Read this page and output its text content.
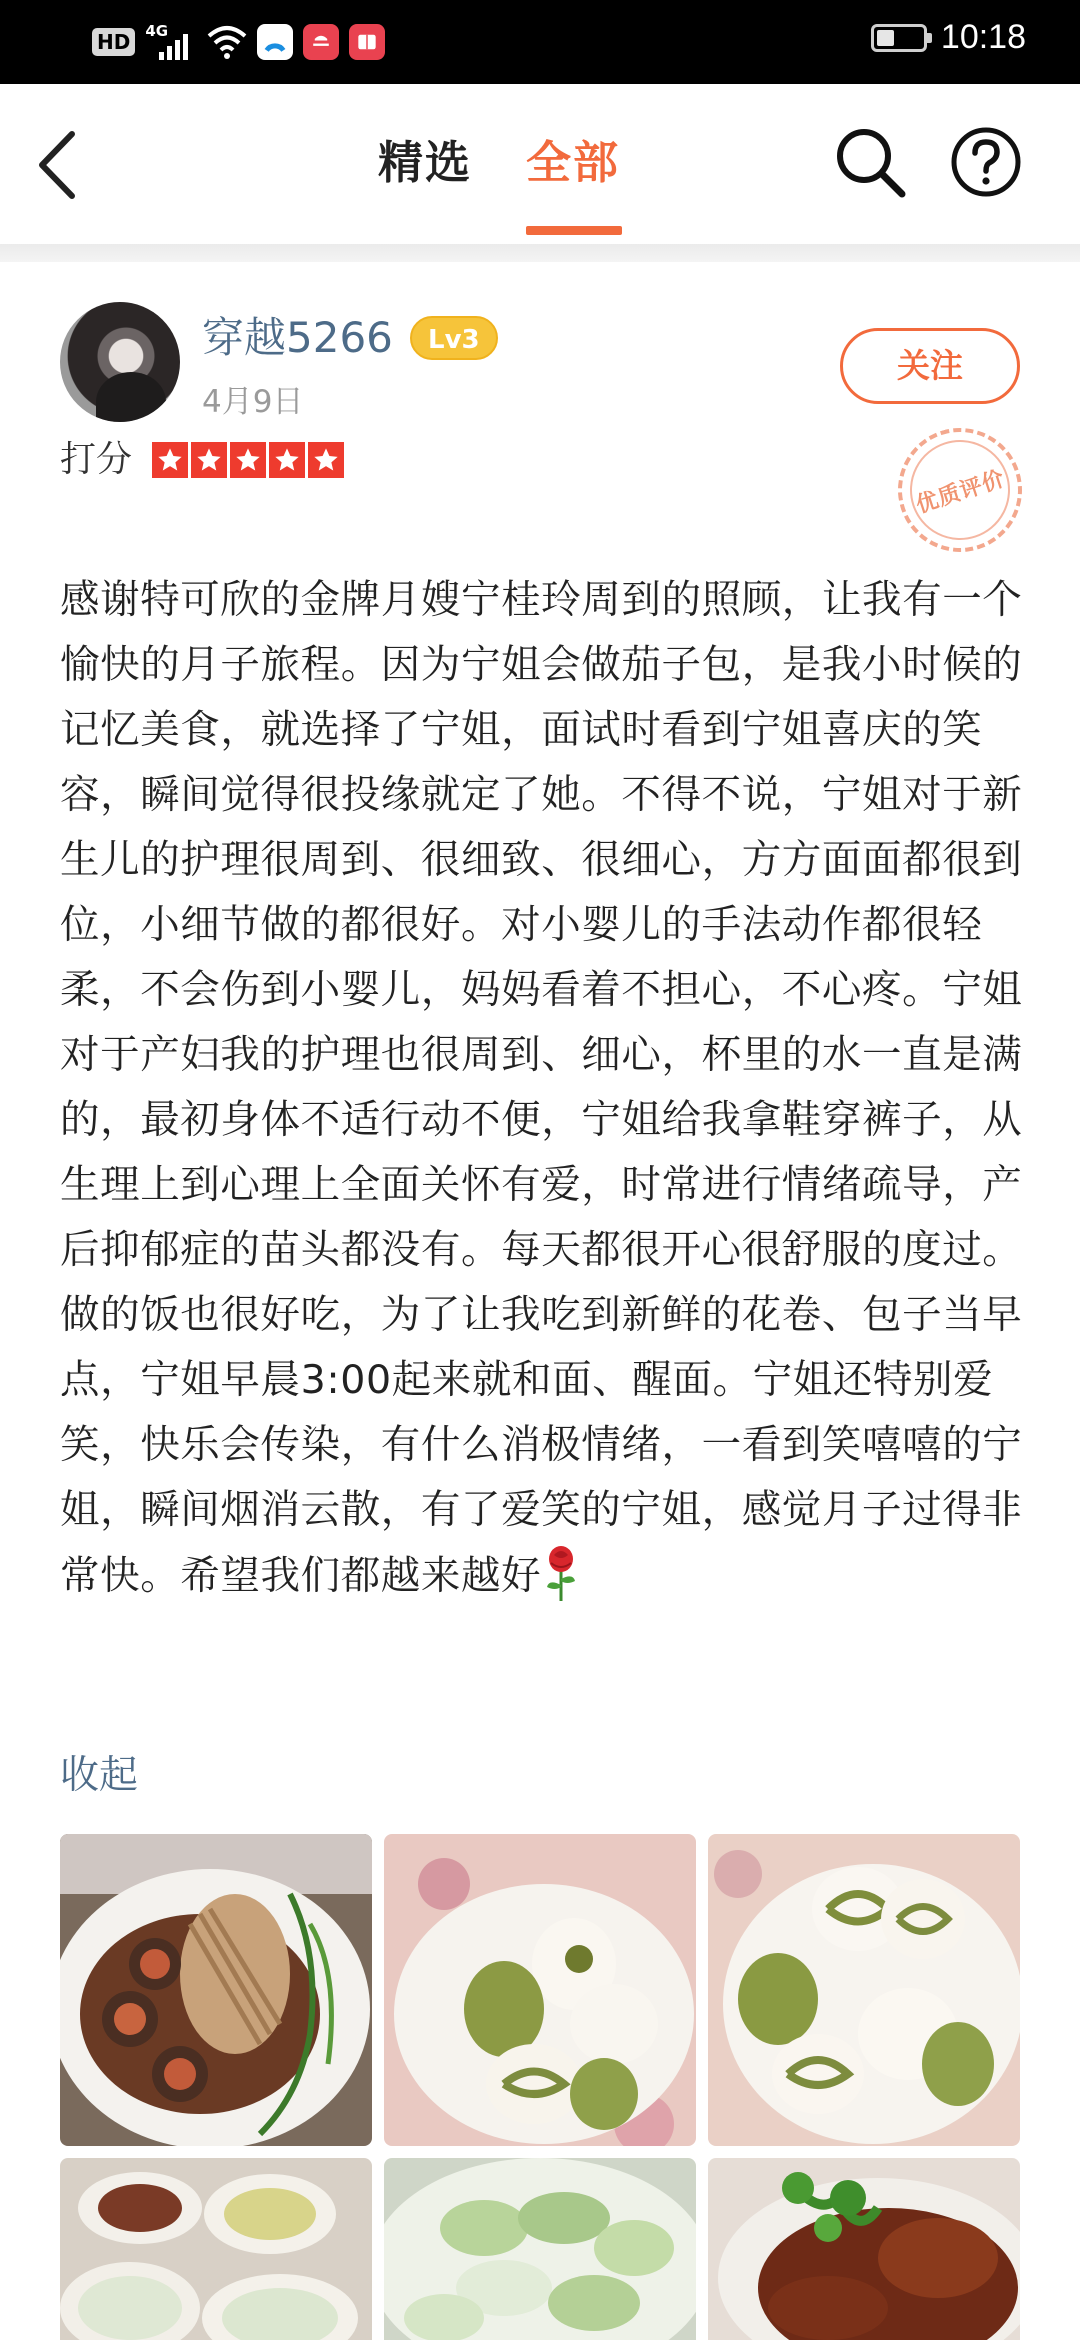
HD	4G	10:18
精选 全部
穿越5266	Lv3
4月9日
关注
打分
优质评价
感谢特可欣的金牌月嫂宁桂玲周到的照顾，让我有一个愉快的月子旅程。因为宁姐会做茄子包，是我小时候的记忆美食，就选择了宁姐，面试时看到宁姐喜庆的笑容，瞬间觉得很投缘就定了她。不得不说，宁姐对于新生儿的护理很周到、很细致、很细心，方方面面都很到位，小细节做的都很好。对小婴儿的手法动作都很轻柔，不会伤到小婴儿，妈妈看着不担心，不心疼。宁姐对于产妇我的护理也很周到、细心，杯里的水一直是满的，最初身体不适行动不便，宁姐给我拿鞋穿裤子，从生理上到心理上全面关怀有爱，时常进行情绪疏导，产后抑郁症的苗头都没有。每天都很开心很舒服的度过。做的饭也很好吃，为了让我吃到新鲜的花卷、包子当早点，宁姐早晨3:00起来就和面、醒面。宁姐还特别爱笑，快乐会传染，有什么消极情绪，一看到笑嘻嘻的宁姐，瞬间烟消云散，有了爱笑的宁姐，感觉月子过得非常快。希望我们都越来越好
收起
